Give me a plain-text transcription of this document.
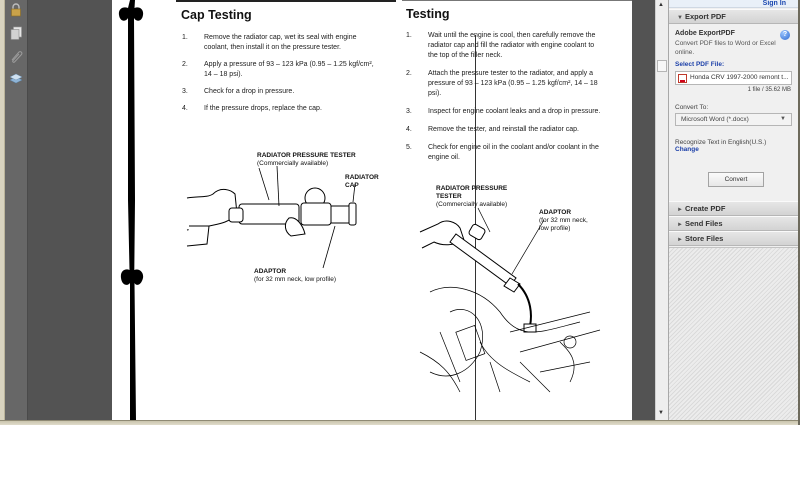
Cap Testing
1. Remove the radiator cap, wet its seal with engine coolant, then install it on the pressure tester.
2. Apply a pressure of 93 – 123 kPa (0.95 – 1.25 kgf/cm², 14 – 18 psi).
3. Check for a drop in pressure.
4. If the pressure drops, replace the cap.
RADIATOR PRESSURE TESTER
(Commercially available)
RADIATOR
CAP
ADAPTOR
(for 32 mm neck, low profile)
Testing
1. Wait until the engine is cool, then carefully remove the radiator cap and fill the radiator with engine coolant to the top of the filler neck.
2. Attach the pressure tester to the radiator, and apply a pressure of 93 – 123 kPa (0.95 – 1.25 kgf/cm², 14 – 18 psi).
3. Inspect for engine coolant leaks and a drop in pressure.
4. Remove the tester, and reinstall the radiator cap.
5. Check for engine oil in the coolant and/or coolant in the engine oil.
RADIATOR PRESSURE
TESTER
(Commercially available)
ADAPTOR
(for 32 mm neck,
low profile)
▲
▼
Sign In
▼ Export PDF
Adobe ExportPDF	?
Convert PDF files to Word or Excel online.
Select PDF File:
Honda CRV 1997-2000 remont t...
1 file / 35.62 MB
Convert To:
Microsoft Word (*.docx)	▼
Recognize Text in English(U.S.)
Change
Convert
► Create PDF
► Send Files
► Store Files
